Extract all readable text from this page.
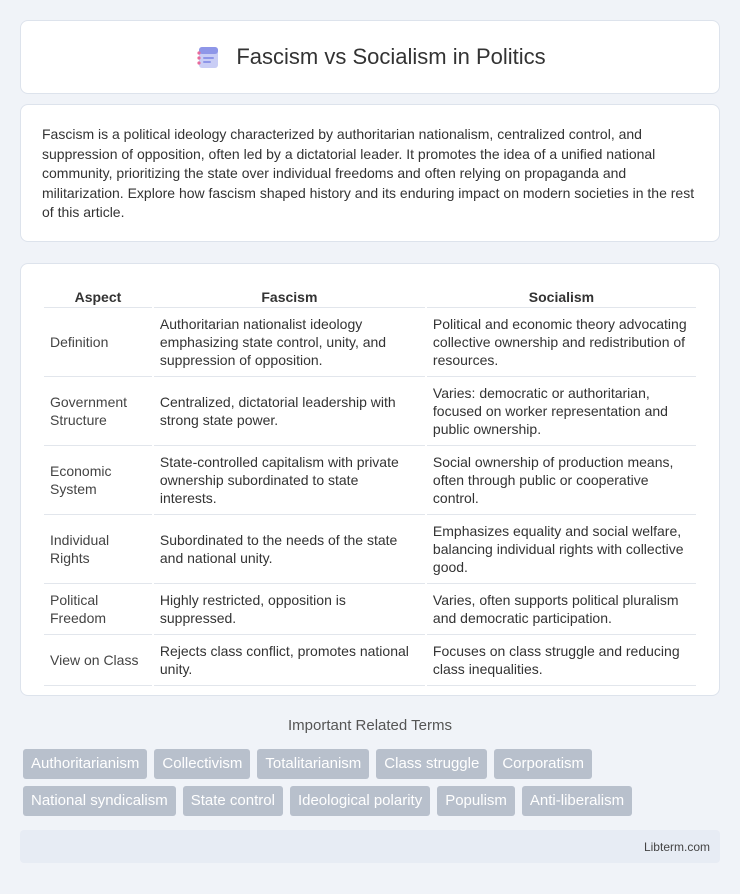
Fascism vs Socialism in Politics

Fascism is a political ideology characterized by authoritarian nationalism, centralized control, and suppression of opposition, often led by a dictatorial leader. It promotes the idea of a unified national community, prioritizing the state over individual freedoms and often relying on propaganda and militarization. Explore how fascism shaped history and its enduring impact on modern societies in the rest of this article.

Aspect	Fascism	Socialism
Definition	Authoritarian nationalist ideology emphasizing state control, unity, and suppression of opposition.	Political and economic theory advocating collective ownership and redistribution of resources.
Government Structure	Centralized, dictatorial leadership with strong state power.	Varies: democratic or authoritarian, focused on worker representation and public ownership.
Economic System	State-controlled capitalism with private ownership subordinated to state interests.	Social ownership of production means, often through public or cooperative control.
Individual Rights	Subordinated to the needs of the state and national unity.	Emphasizes equality and social welfare, balancing individual rights with collective good.
Political Freedom	Highly restricted, opposition is suppressed.	Varies, often supports political pluralism and democratic participation.
View on Class	Rejects class conflict, promotes national unity.	Focuses on class struggle and reducing class inequalities.
Important Related Terms
Authoritarianism	Collectivism	Totalitarianism	Class struggle	Corporatism
National syndicalism	State control	Ideological polarity	Populism	Anti-liberalism
Libterm.com
